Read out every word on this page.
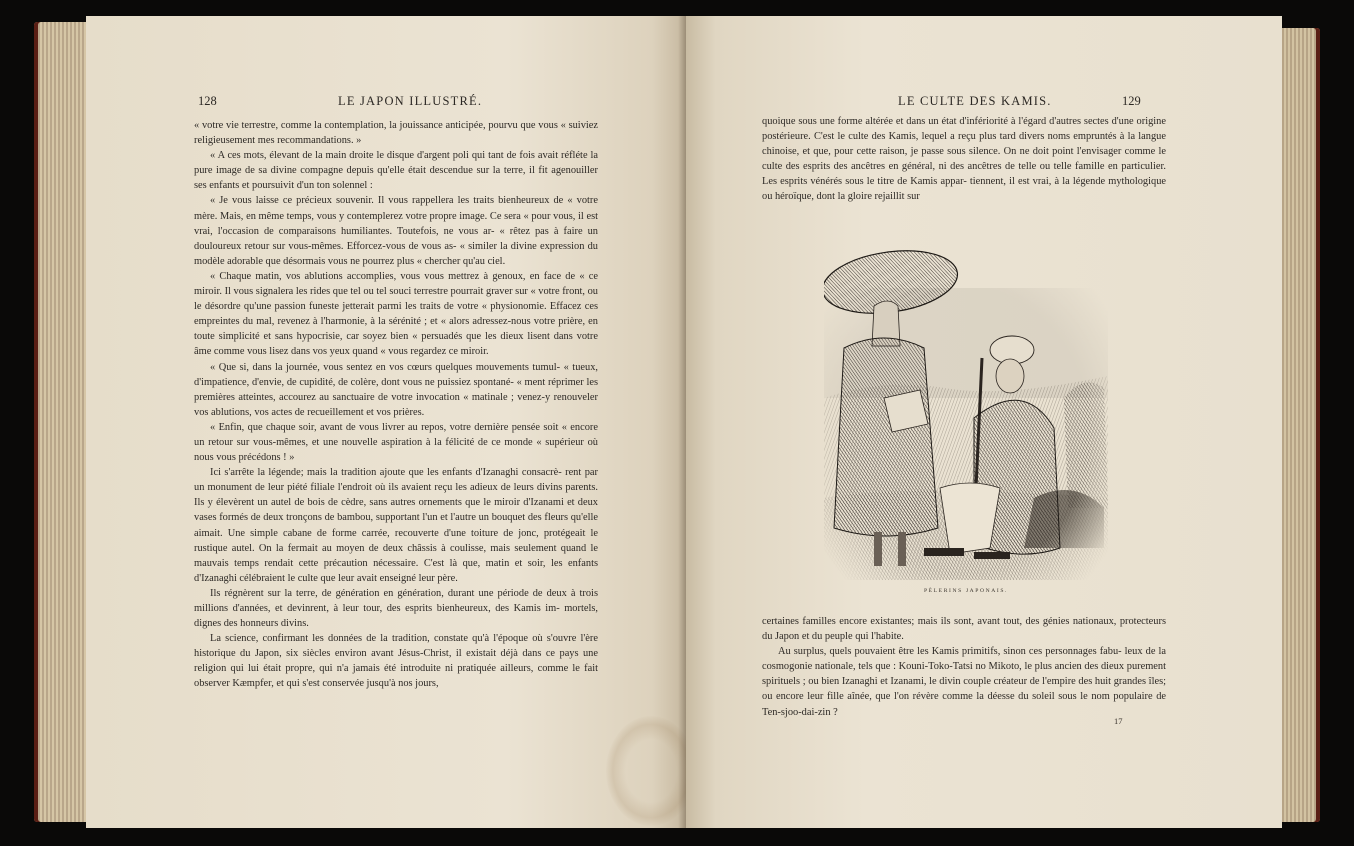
128	LE JAPON ILLUSTRÉ.

« votre vie terrestre, comme la contemplation, la jouissance anticipée, pourvu que vous « suiviez religieusement mes recommandations. »

« A ces mots, élevant de la main droite le disque d'argent poli qui tant de fois avait réfléte la pure image de sa divine compagne depuis qu'elle était descendue sur la terre, il fit agenouiller ses enfants et poursuivit d'un ton solennel :

« Je vous laisse ce précieux souvenir. Il vous rappellera les traits bienheureux de « votre mère. Mais, en même temps, vous y contemplerez votre propre image. Ce sera « pour vous, il est vrai, l'occasion de comparaisons humiliantes. Toutefois, ne vous ar- « rêtez pas à faire un douloureux retour sur vous-mêmes. Efforcez-vous de vous as- « similer la divine expression du modèle adorable que désormais vous ne pourrez plus « chercher qu'au ciel.

« Chaque matin, vos ablutions accomplies, vous vous mettrez à genoux, en face de « ce miroir. Il vous signalera les rides que tel ou tel souci terrestre pourrait graver sur « votre front, ou le désordre qu'une passion funeste jetterait parmi les traits de votre « physionomie. Effacez ces empreintes du mal, revenez à l'harmonie, à la sérénité ; et « alors adressez-nous votre prière, en toute simplicité et sans hypocrisie, car soyez bien « persuadés que les dieux lisent dans votre âme comme vous lisez dans vos yeux quand « vous regardez ce miroir.

« Que si, dans la journée, vous sentez en vos cœurs quelques mouvements tumul- « tueux, d'impatience, d'envie, de cupidité, de colère, dont vous ne puissiez spontané- « ment réprimer les premières atteintes, accourez au sanctuaire de votre invocation « matinale ; venez-y renouveler vos ablutions, vos actes de recueillement et vos prières.

« Enfin, que chaque soir, avant de vous livrer au repos, votre dernière pensée soit « encore un retour sur vous-mêmes, et une nouvelle aspiration à la félicité de ce monde « supérieur où nous vous précédons ! »

Ici s'arrête la légende; mais la tradition ajoute que les enfants d'Izanaghi consacrè- rent par un monument de leur piété filiale l'endroit où ils avaient reçu les adieux de leurs divins parents. Ils y élevèrent un autel de bois de cèdre, sans autres ornements que le miroir d'Izanami et deux vases formés de deux tronçons de bambou, supportant l'un et l'autre un bouquet des fleurs qu'elle aimait. Une simple cabane de forme carrée, recouverte d'une toiture de jonc, protégeait le rustique autel. On la fermait au moyen de deux châssis à coulisse, mais seulement quand le mauvais temps rendait cette précaution nécessaire. C'est là que, matin et soir, les enfants d'Izanaghi célébraient le culte que leur avait enseigné leur père.

Ils régnèrent sur la terre, de génération en génération, durant une période de deux à trois millions d'années, et devinrent, à leur tour, des esprits bienheureux, des Kamis im- mortels, dignes des honneurs divins.

La science, confirmant les données de la tradition, constate qu'à l'époque où s'ouvre l'ère historique du Japon, six siècles environ avant Jésus-Christ, il existait déjà dans ce pays une religion qui lui était propre, qui n'a jamais été introduite ni pratiquée ailleurs, comme le fait observer Kæmpfer, et qui s'est conservée jusqu'à nos jours,

LE CULTE DES KAMIS.	129

quoique sous une forme altérée et dans un état d'infériorité à l'égard d'autres sectes d'une origine postérieure. C'est le culte des Kamis, lequel a reçu plus tard divers noms empruntés à la langue chinoise, et que, pour cette raison, je passe sous silence. On ne doit point l'envisager comme le culte des esprits des ancêtres en général, ni des ancêtres de telle ou telle famille en particulier. Les esprits vénérés sous le titre de Kamis appar- tiennent, il est vrai, à la légende mythologique ou héroïque, dont la gloire rejaillit sur

PÈLERINS JAPONAIS.

certaines familles encore existantes; mais ils sont, avant tout, des génies nationaux, protecteurs du Japon et du peuple qui l'habite.

Au surplus, quels pouvaient être les Kamis primitifs, sinon ces personnages fabu- leux de la cosmogonie nationale, tels que : Kouni-Toko-Tatsi no Mikoto, le plus ancien des dieux purement spirituels ; ou bien Izanaghi et Izanami, le divin couple créateur de l'empire des huit grandes îles; ou encore leur fille aînée, que l'on révère comme la déesse du soleil sous le nom populaire de Ten-sjoo-dai-zin ?

17
